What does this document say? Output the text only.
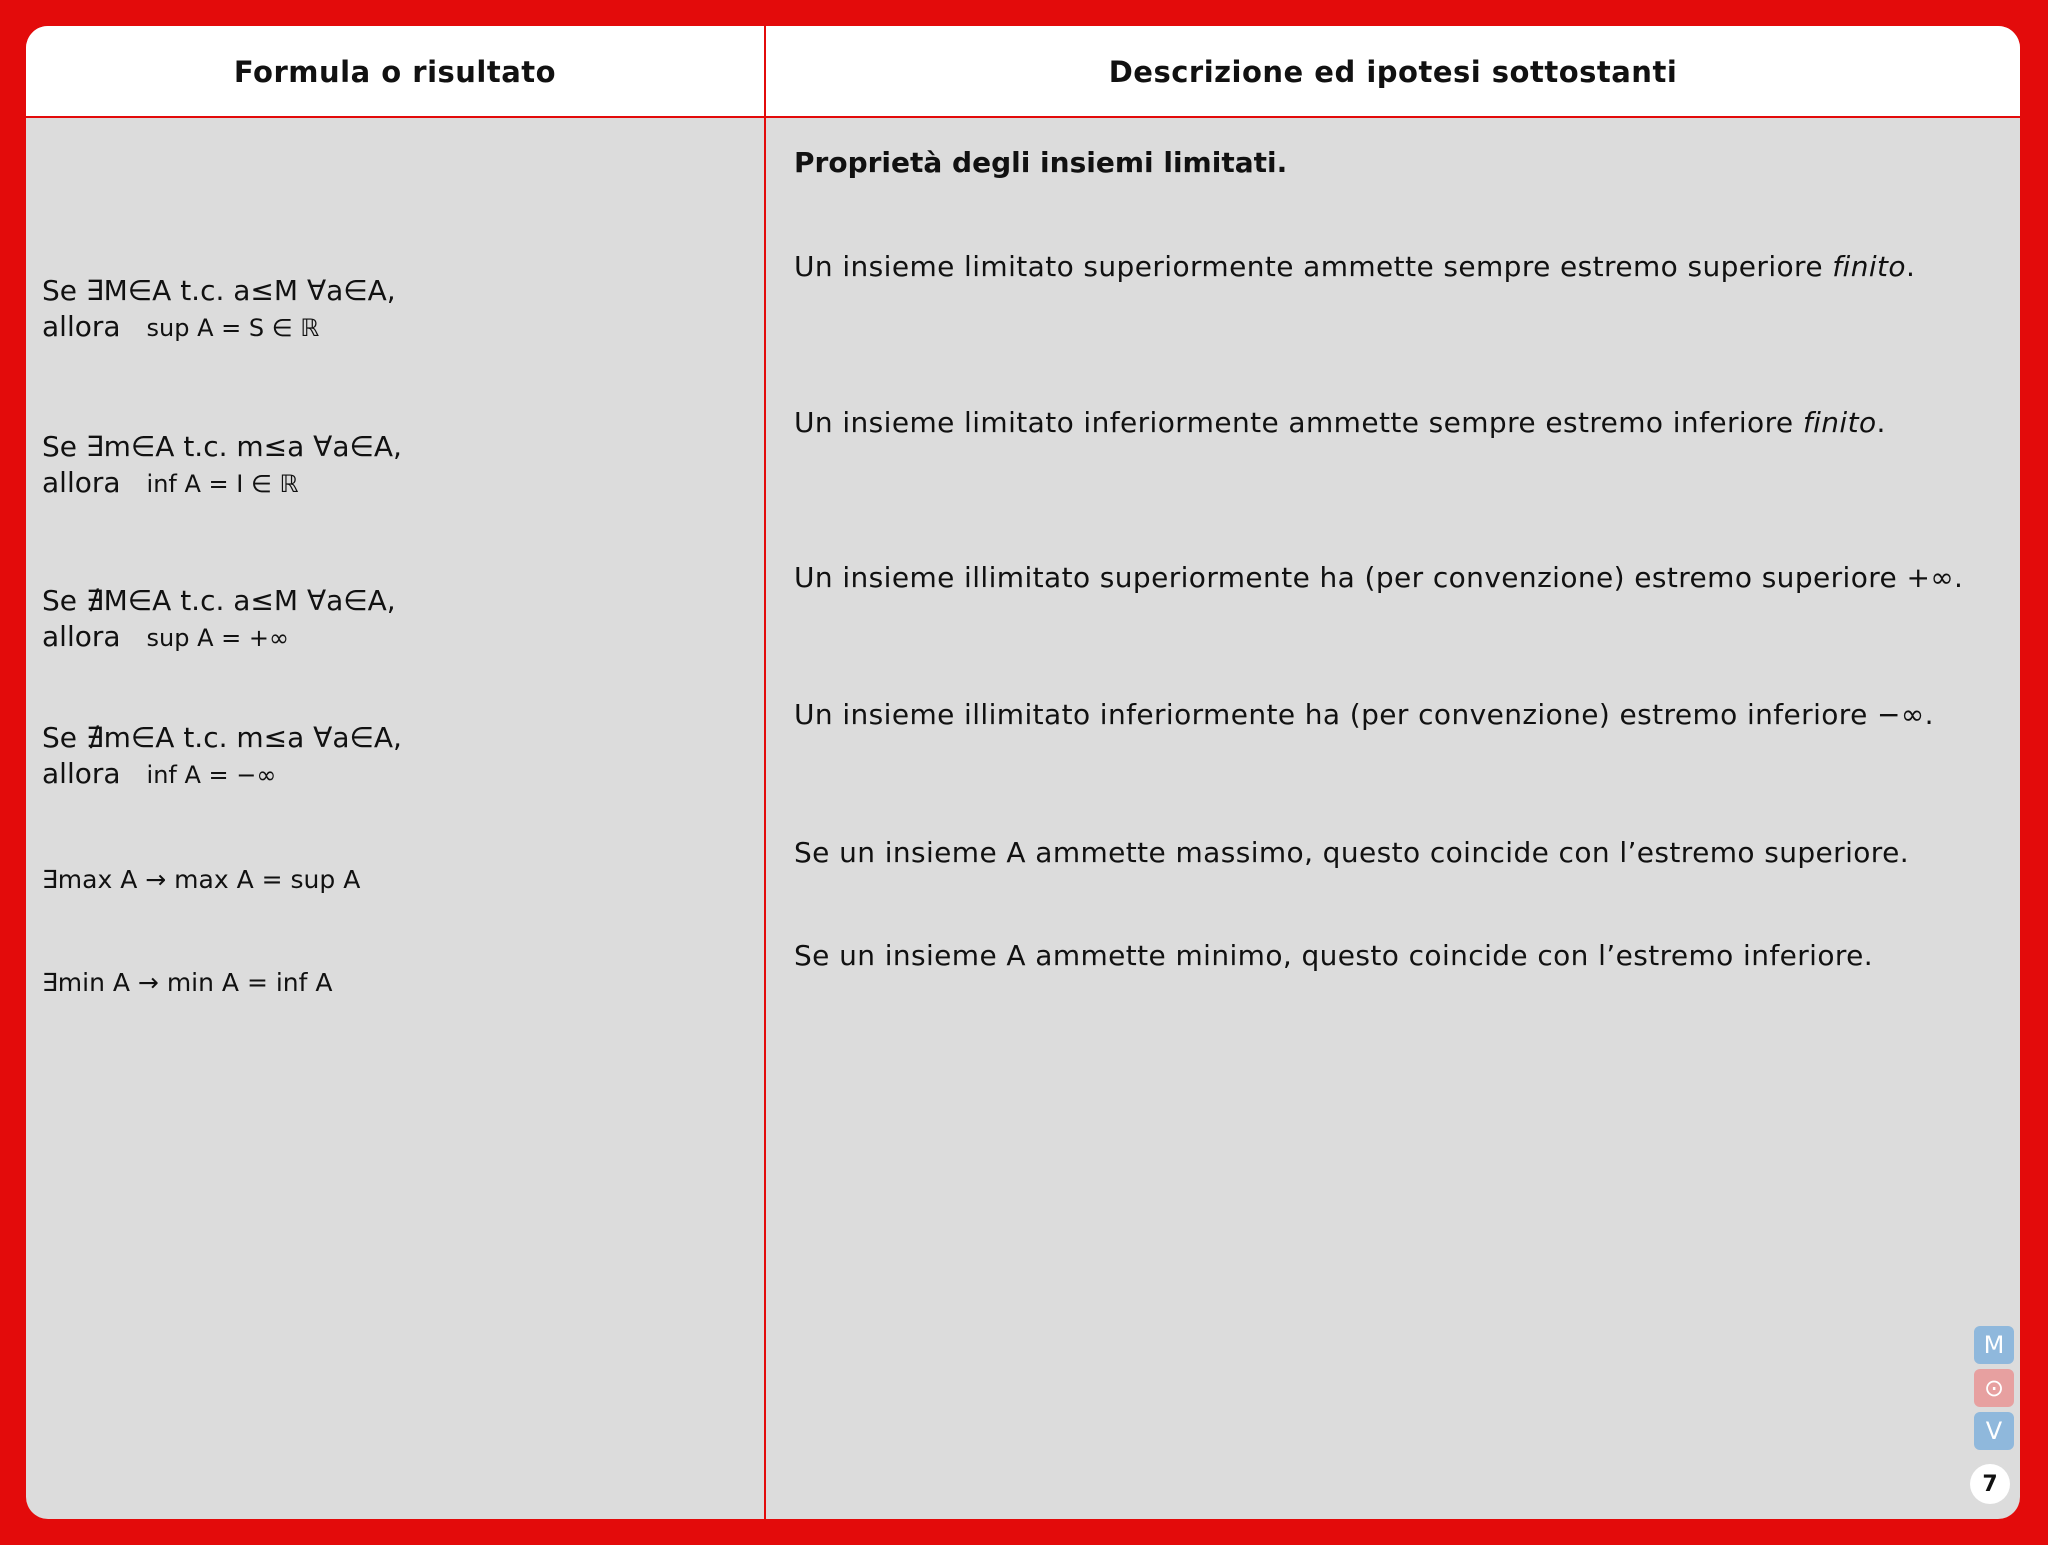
Formula o risultato	Descrizione ed ipotesi sottostanti
Se ∃M∈A t.c. a≤M ∀a∈A,
allora sup A = S ∈ ℝ
Se ∃m∈A t.c. m≤a ∀a∈A,
allora inf A = I ∈ ℝ
Se ∄M∈A t.c. a≤M ∀a∈A,
allora sup A = +∞
Se ∄m∈A t.c. m≤a ∀a∈A,
allora inf A = −∞
∃max A → max A = sup A
∃min A → min A = inf A
Proprietà degli insiemi limitati.
Un insieme limitato superiormente ammette sempre estremo superiore finito.
Un insieme limitato inferiormente ammette sempre estremo inferiore finito.
Un insieme illimitato superiormente ha (per convenzione) estremo superiore +∞.
Un insieme illimitato inferiormente ha (per convenzione) estremo inferiore −∞.
Se un insieme A ammette massimo, questo coincide con l’estremo superiore.
Se un insieme A ammette minimo, questo coincide con l’estremo inferiore.
M
⊙
V
7
